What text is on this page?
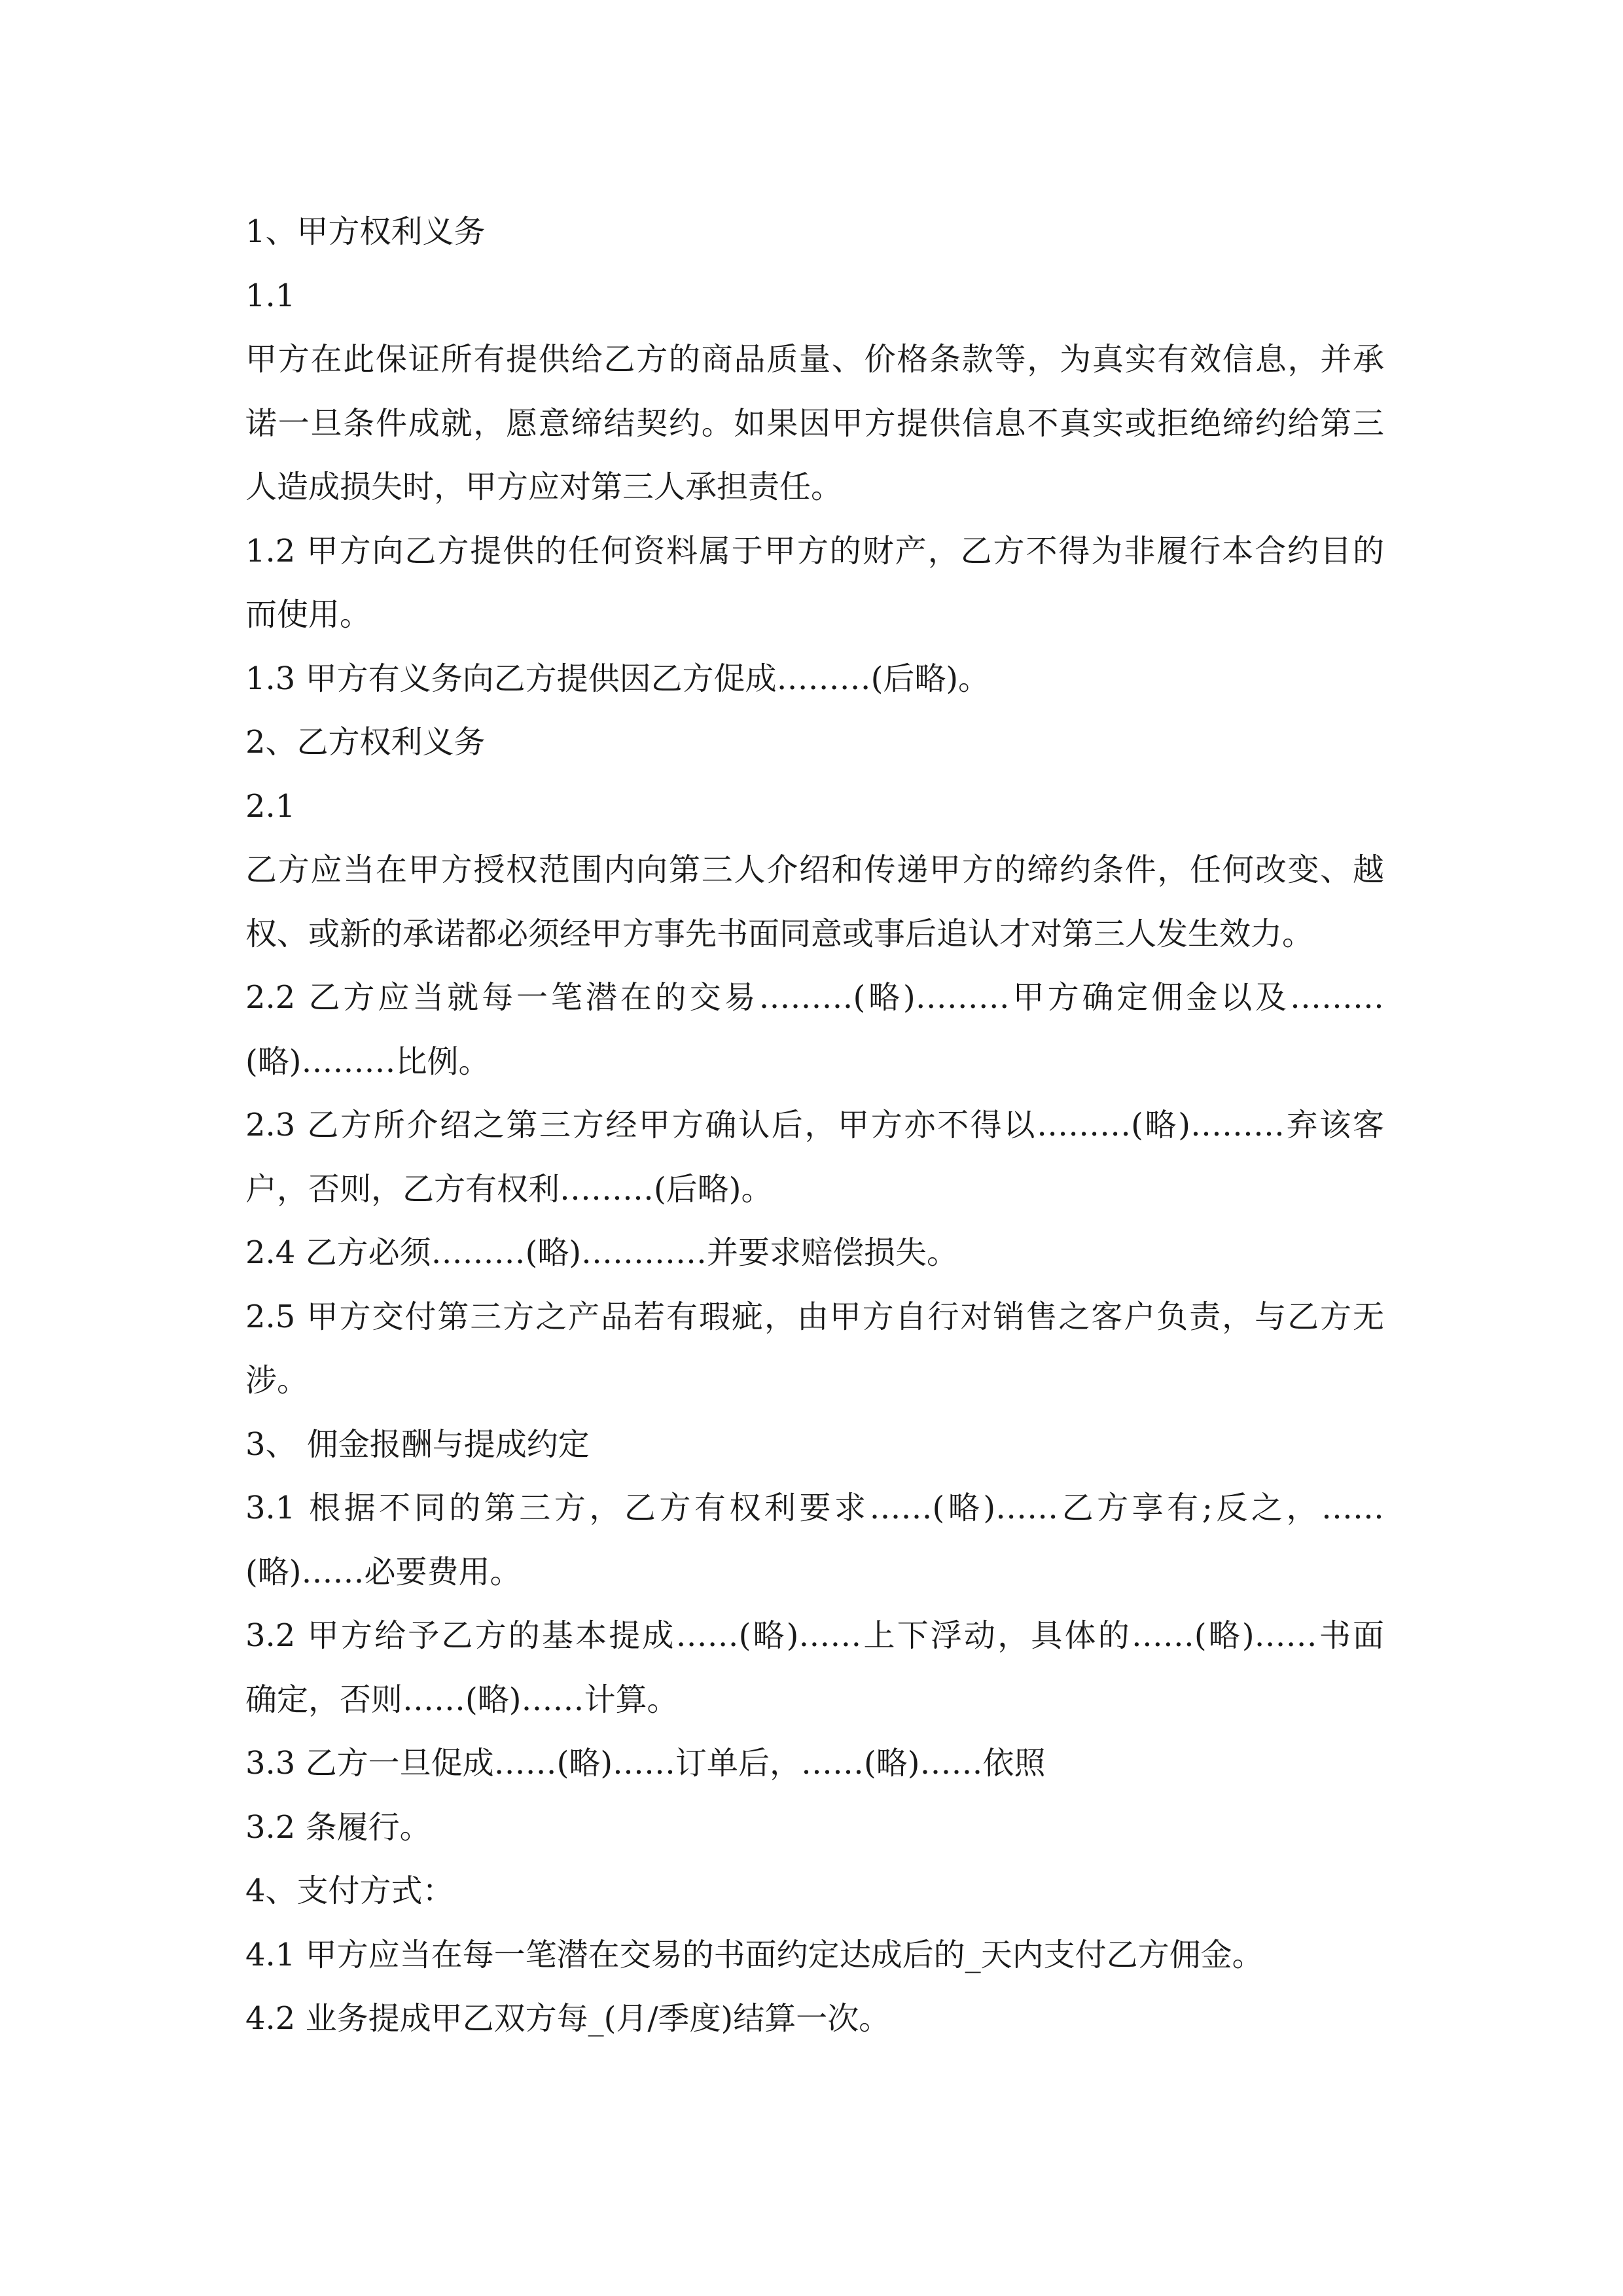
1、甲方权利义务
1.1
甲方在此保证所有提供给乙方的商品质量、价格条款等，为真实有效信息，并承
诺一旦条件成就，愿意缔结契约。如果因甲方提供信息不真实或拒绝缔约给第三
人造成损失时，甲方应对第三人承担责任。
1.2 甲方向乙方提供的任何资料属于甲方的财产，乙方不得为非履行本合约目的
而使用。
1.3 甲方有义务向乙方提供因乙方促成………(后略)。
2、乙方权利义务
2.1
乙方应当在甲方授权范围内向第三人介绍和传递甲方的缔约条件，任何改变、越
权、或新的承诺都必须经甲方事先书面同意或事后追认才对第三人发生效力。
2.2 乙方应当就每一笔潜在的交易………(略)………甲方确定佣金以及………
(略)………比例。
2.3 乙方所介绍之第三方经甲方确认后，甲方亦不得以………(略)………弃该客
户，否则，乙方有权利………(后略)。
2.4 乙方必须………(略)…………并要求赔偿损失。
2.5 甲方交付第三方之产品若有瑕疵，由甲方自行对销售之客户负责，与乙方无
涉。
3、 佣金报酬与提成约定
3.1 根据不同的第三方，乙方有权利要求……(略)……乙方享有;反之，……
(略)……必要费用。
3.2 甲方给予乙方的基本提成……(略)……上下浮动，具体的……(略)……书面
确定，否则……(略)……计算。
3.3 乙方一旦促成……(略)……订单后，……(略)……依照
3.2 条履行。
4、支付方式：
4.1 甲方应当在每一笔潜在交易的书面约定达成后的_天内支付乙方佣金。
4.2 业务提成甲乙双方每_(月/季度)结算一次。
